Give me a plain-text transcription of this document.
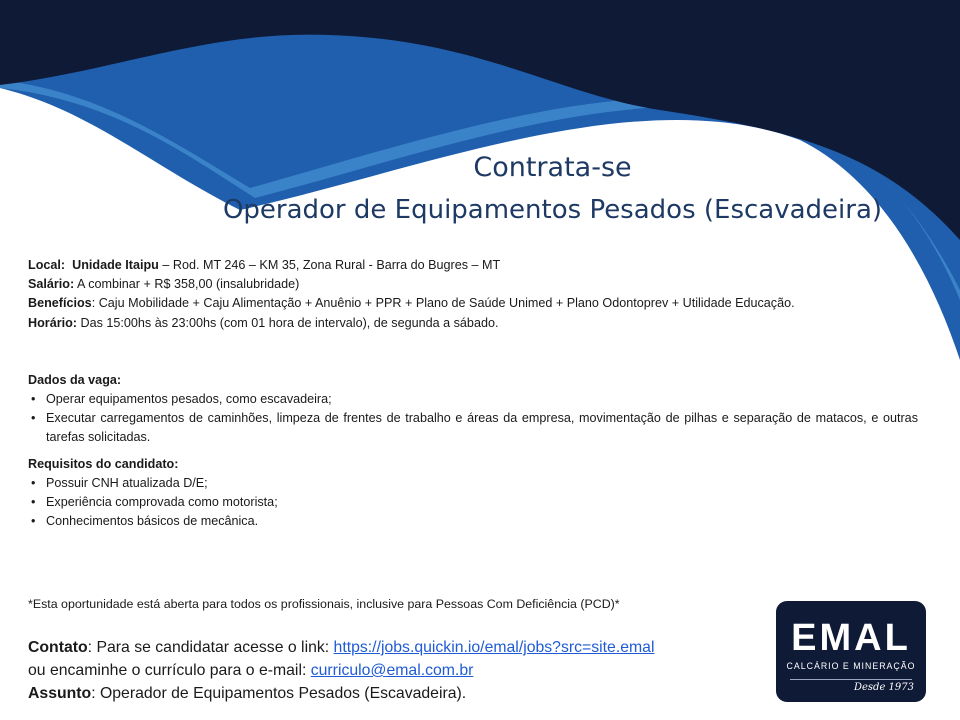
Contrata-se
Operador de Equipamentos Pesados (Escavadeira)
Local: Unidade Itaipu – Rod. MT 246 – KM 35, Zona Rural - Barra do Bugres – MT
Salário: A combinar + R$ 358,00 (insalubridade)
Benefícios: Caju Mobilidade + Caju Alimentação + Anuênio + PPR + Plano de Saúde Unimed + Plano Odontoprev + Utilidade Educação.
Horário: Das 15:00hs às 23:00hs (com 01 hora de intervalo), de segunda a sábado.
Dados da vaga:
• Operar equipamentos pesados, como escavadeira;
• Executar carregamentos de caminhões, limpeza de frentes de trabalho e áreas da empresa, movimentação de pilhas e separação de matacos, e outras tarefas solicitadas.
Requisitos do candidato:
• Possuir CNH atualizada D/E;
• Experiência comprovada como motorista;
• Conhecimentos básicos de mecânica.
*Esta oportunidade está aberta para todos os profissionais, inclusive para Pessoas Com Deficiência (PCD)*
Contato: Para se candidatar acesse o link: https://jobs.quickin.io/emal/jobs?src=site.emal
ou encaminhe o currículo para o e-mail: curriculo@emal.com.br
Assunto: Operador de Equipamentos Pesados (Escavadeira).
EMAL
CALCÁRIO E MINERAÇÃO
Desde 1973
